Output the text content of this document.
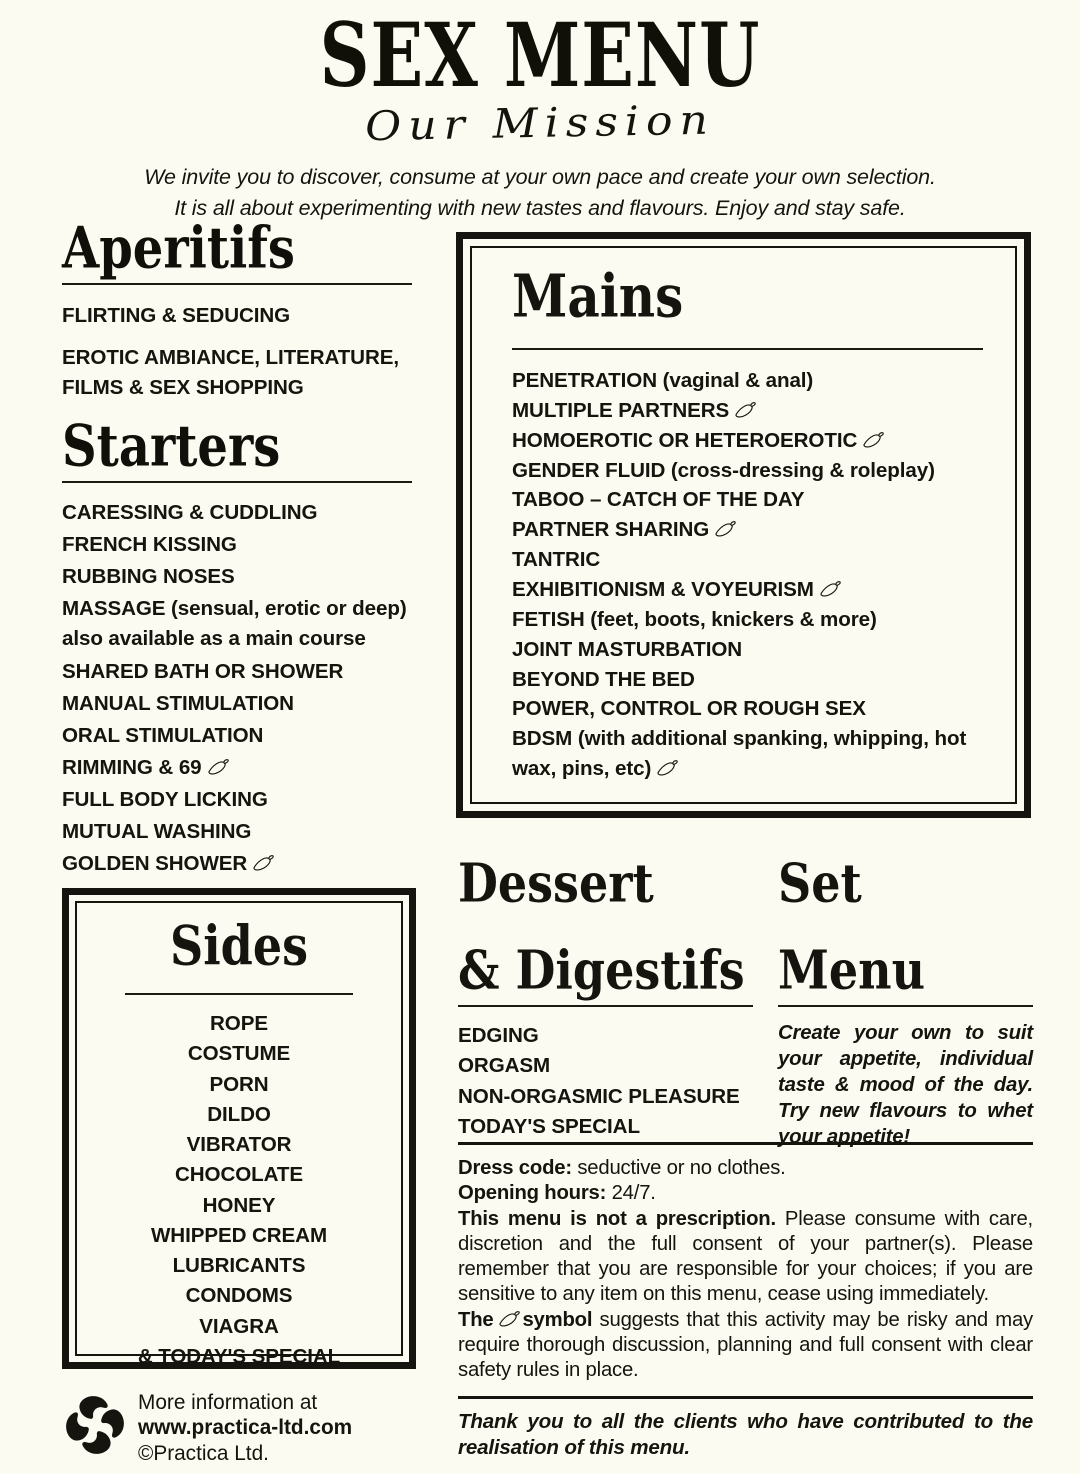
SEX MENU
Our Mission
We invite you to discover, consume at your own pace and create your own selection.
It is all about experimenting with new tastes and flavours. Enjoy and stay safe.
Aperitifs
FLIRTING & SEDUCING
EROTIC AMBIANCE, LITERATURE, FILMS & SEX SHOPPING
Starters
CARESSING & CUDDLING
FRENCH KISSING
RUBBING NOSES
MASSAGE (sensual, erotic or deep) also available as a main course
SHARED BATH OR SHOWER
MANUAL STIMULATION
ORAL STIMULATION
RIMMING & 69
FULL BODY LICKING
MUTUAL WASHING
GOLDEN SHOWER
Sides
ROPE
COSTUME
PORN
DILDO
VIBRATOR
CHOCOLATE
HONEY
WHIPPED CREAM
LUBRICANTS
CONDOMS
VIAGRA
& TODAY'S SPECIAL
Mains
PENETRATION (vaginal & anal)
MULTIPLE PARTNERS
HOMOEROTIC OR HETEROEROTIC
GENDER FLUID (cross-dressing & roleplay)
TABOO – CATCH OF THE DAY
PARTNER SHARING
TANTRIC
EXHIBITIONISM & VOYEURISM
FETISH (feet, boots, knickers & more)
JOINT MASTURBATION
BEYOND THE BED
POWER, CONTROL OR ROUGH SEX
BDSM (with additional spanking, whipping, hot wax, pins, etc)
Dessert
& Digestifs
EDGING
ORGASM
NON-ORGASMIC PLEASURE
TODAY'S SPECIAL
Set
Menu
Create your own to suit your appetite, individual taste & mood of the day. Try new flavours to whet your appetite!
Dress code: seductive or no clothes.
Opening hours: 24/7.
This menu is not a prescription. Please consume with care, discretion and the full consent of your partner(s). Please remember that you are responsible for your choices; if you are sensitive to any item on this menu, cease using immediately.
The symbol suggests that this activity may be risky and may require thorough discussion, planning and full consent with clear safety rules in place.
Thank you to all the clients who have contributed to the realisation of this menu.
More information at
www.practica-ltd.com
©Practica Ltd.
